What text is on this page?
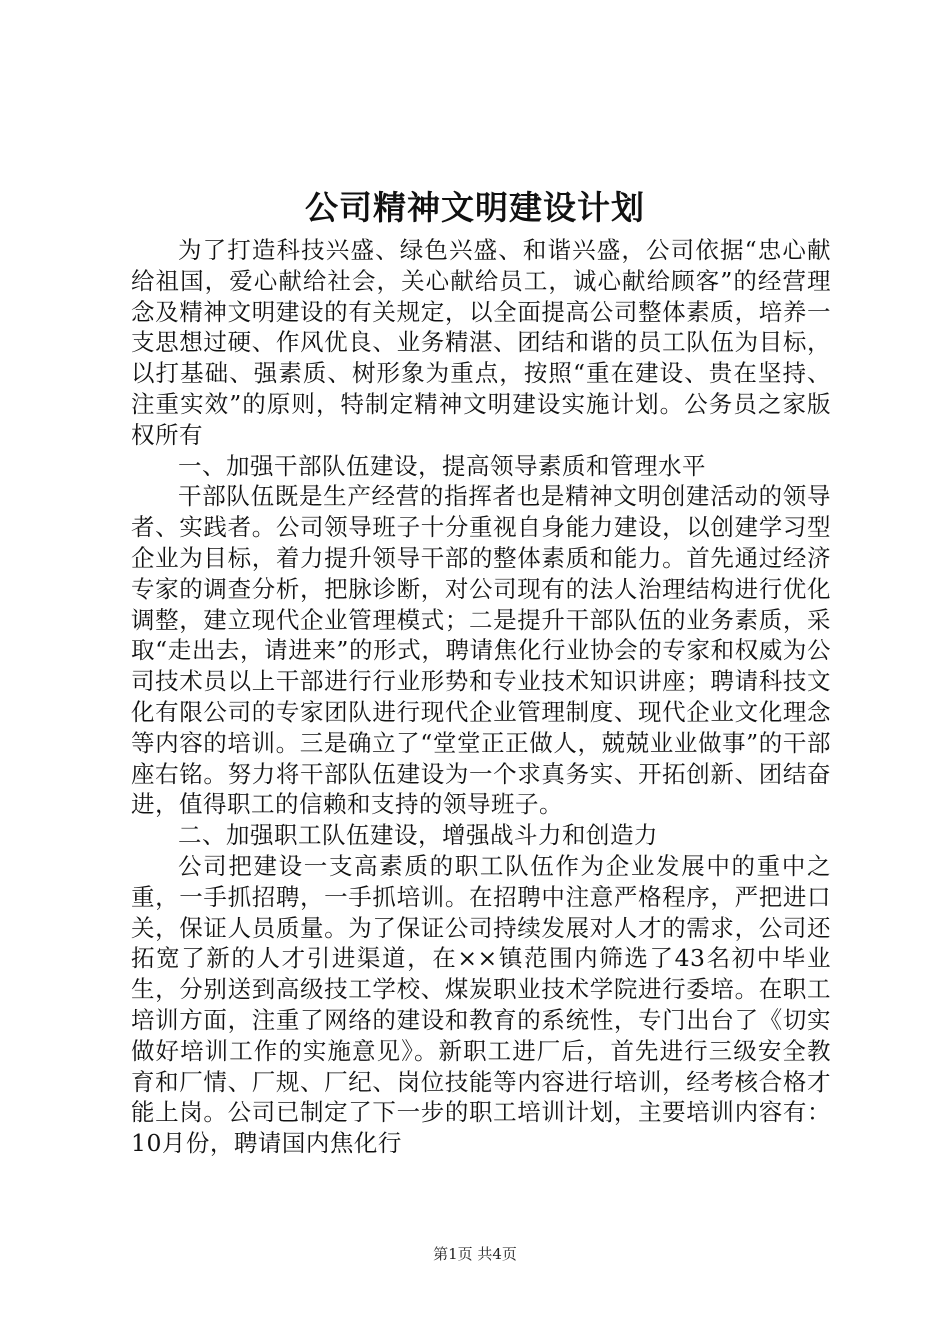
公司精神文明建设计划

为了打造科技兴盛、绿色兴盛、和谐兴盛，公司依据“忠心献给祖国，爱心献给社会，关心献给员工，诚心献给顾客”的经营理念及精神文明建设的有关规定，以全面提高公司整体素质，培养一支思想过硬、作风优良、业务精湛、团结和谐的员工队伍为目标，以打基础、强素质、树形象为重点，按照“重在建设、贵在坚持、注重实效”的原则，特制定精神文明建设实施计划。公务员之家版权所有

一、加强干部队伍建设，提高领导素质和管理水平

干部队伍既是生产经营的指挥者也是精神文明创建活动的领导者、实践者。公司领导班子十分重视自身能力建设，以创建学习型企业为目标，着力提升领导干部的整体素质和能力。首先通过经济专家的调查分析，把脉诊断，对公司现有的法人治理结构进行优化调整，建立现代企业管理模式；二是提升干部队伍的业务素质，采取“走出去，请进来”的形式，聘请焦化行业协会的专家和权威为公司技术员以上干部进行行业形势和专业技术知识讲座；聘请科技文化有限公司的专家团队进行现代企业管理制度、现代企业文化理念等内容的培训。三是确立了“堂堂正正做人，兢兢业业做事”的干部座右铭。努力将干部队伍建设为一个求真务实、开拓创新、团结奋进，值得职工的信赖和支持的领导班子。

二、加强职工队伍建设，增强战斗力和创造力

公司把建设一支高素质的职工队伍作为企业发展中的重中之重，一手抓招聘，一手抓培训。在招聘中注意严格程序，严把进口关，保证人员质量。为了保证公司持续发展对人才的需求，公司还拓宽了新的人才引进渠道，在××镇范围内筛选了43名初中毕业生，分别送到高级技工学校、煤炭职业技术学院进行委培。在职工培训方面，注重了网络的建设和教育的系统性，专门出台了《切实做好培训工作的实施意见》。新职工进厂后，首先进行三级安全教育和厂情、厂规、厂纪、岗位技能等内容进行培训，经考核合格才能上岗。公司已制定了下一步的职工培训计划，主要培训内容有：10月份，聘请国内焦化行

第1页 共4页
